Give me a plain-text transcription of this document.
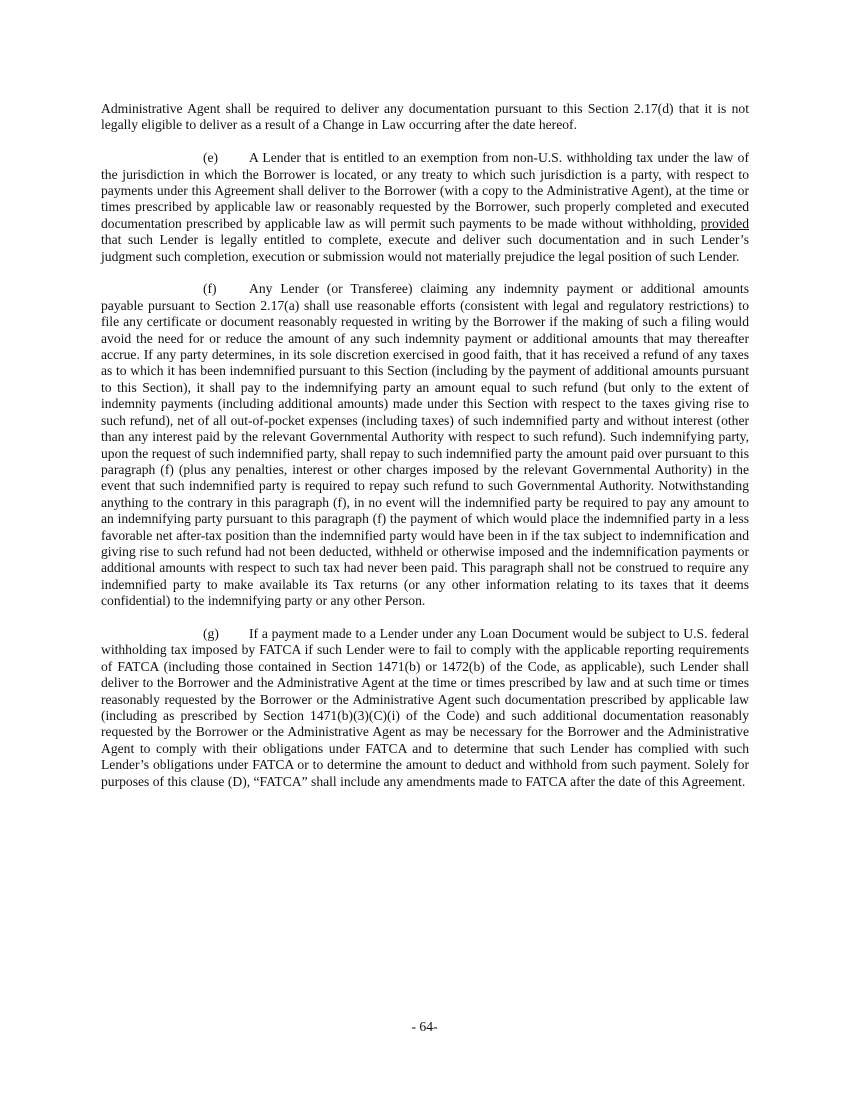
Administrative Agent shall be required to deliver any documentation pursuant to this Section 2.17(d) that it is not legally eligible to deliver as a result of a Change in Law occurring after the date hereof.

(e) A Lender that is entitled to an exemption from non-U.S. withholding tax under the law of the jurisdiction in which the Borrower is located, or any treaty to which such jurisdiction is a party, with respect to payments under this Agreement shall deliver to the Borrower (with a copy to the Administrative Agent), at the time or times prescribed by applicable law or reasonably requested by the Borrower, such properly completed and executed documentation prescribed by applicable law as will permit such payments to be made without withholding, provided that such Lender is legally entitled to complete, execute and deliver such documentation and in such Lender’s judgment such completion, execution or submission would not materially prejudice the legal position of such Lender.

(f) Any Lender (or Transferee) claiming any indemnity payment or additional amounts payable pursuant to Section 2.17(a) shall use reasonable efforts (consistent with legal and regulatory restrictions) to file any certificate or document reasonably requested in writing by the Borrower if the making of such a filing would avoid the need for or reduce the amount of any such indemnity payment or additional amounts that may thereafter accrue. If any party determines, in its sole discretion exercised in good faith, that it has received a refund of any taxes as to which it has been indemnified pursuant to this Section (including by the payment of additional amounts pursuant to this Section), it shall pay to the indemnifying party an amount equal to such refund (but only to the extent of indemnity payments (including additional amounts) made under this Section with respect to the taxes giving rise to such refund), net of all out-of-pocket expenses (including taxes) of such indemnified party and without interest (other than any interest paid by the relevant Governmental Authority with respect to such refund). Such indemnifying party, upon the request of such indemnified party, shall repay to such indemnified party the amount paid over pursuant to this paragraph (f) (plus any penalties, interest or other charges imposed by the relevant Governmental Authority) in the event that such indemnified party is required to repay such refund to such Governmental Authority. Notwithstanding anything to the contrary in this paragraph (f), in no event will the indemnified party be required to pay any amount to an indemnifying party pursuant to this paragraph (f) the payment of which would place the indemnified party in a less favorable net after-tax position than the indemnified party would have been in if the tax subject to indemnification and giving rise to such refund had not been deducted, withheld or otherwise imposed and the indemnification payments or additional amounts with respect to such tax had never been paid. This paragraph shall not be construed to require any indemnified party to make available its Tax returns (or any other information relating to its taxes that it deems confidential) to the indemnifying party or any other Person.

(g) If a payment made to a Lender under any Loan Document would be subject to U.S. federal withholding tax imposed by FATCA if such Lender were to fail to comply with the applicable reporting requirements of FATCA (including those contained in Section 1471(b) or 1472(b) of the Code, as applicable), such Lender shall deliver to the Borrower and the Administrative Agent at the time or times prescribed by law and at such time or times reasonably requested by the Borrower or the Administrative Agent such documentation prescribed by applicable law (including as prescribed by Section 1471(b)(3)(C)(i) of the Code) and such additional documentation reasonably requested by the Borrower or the Administrative Agent as may be necessary for the Borrower and the Administrative Agent to comply with their obligations under FATCA and to determine that such Lender has complied with such Lender’s obligations under FATCA or to determine the amount to deduct and withhold from such payment. Solely for purposes of this clause (D), “FATCA” shall include any amendments made to FATCA after the date of this Agreement.

- 64-
